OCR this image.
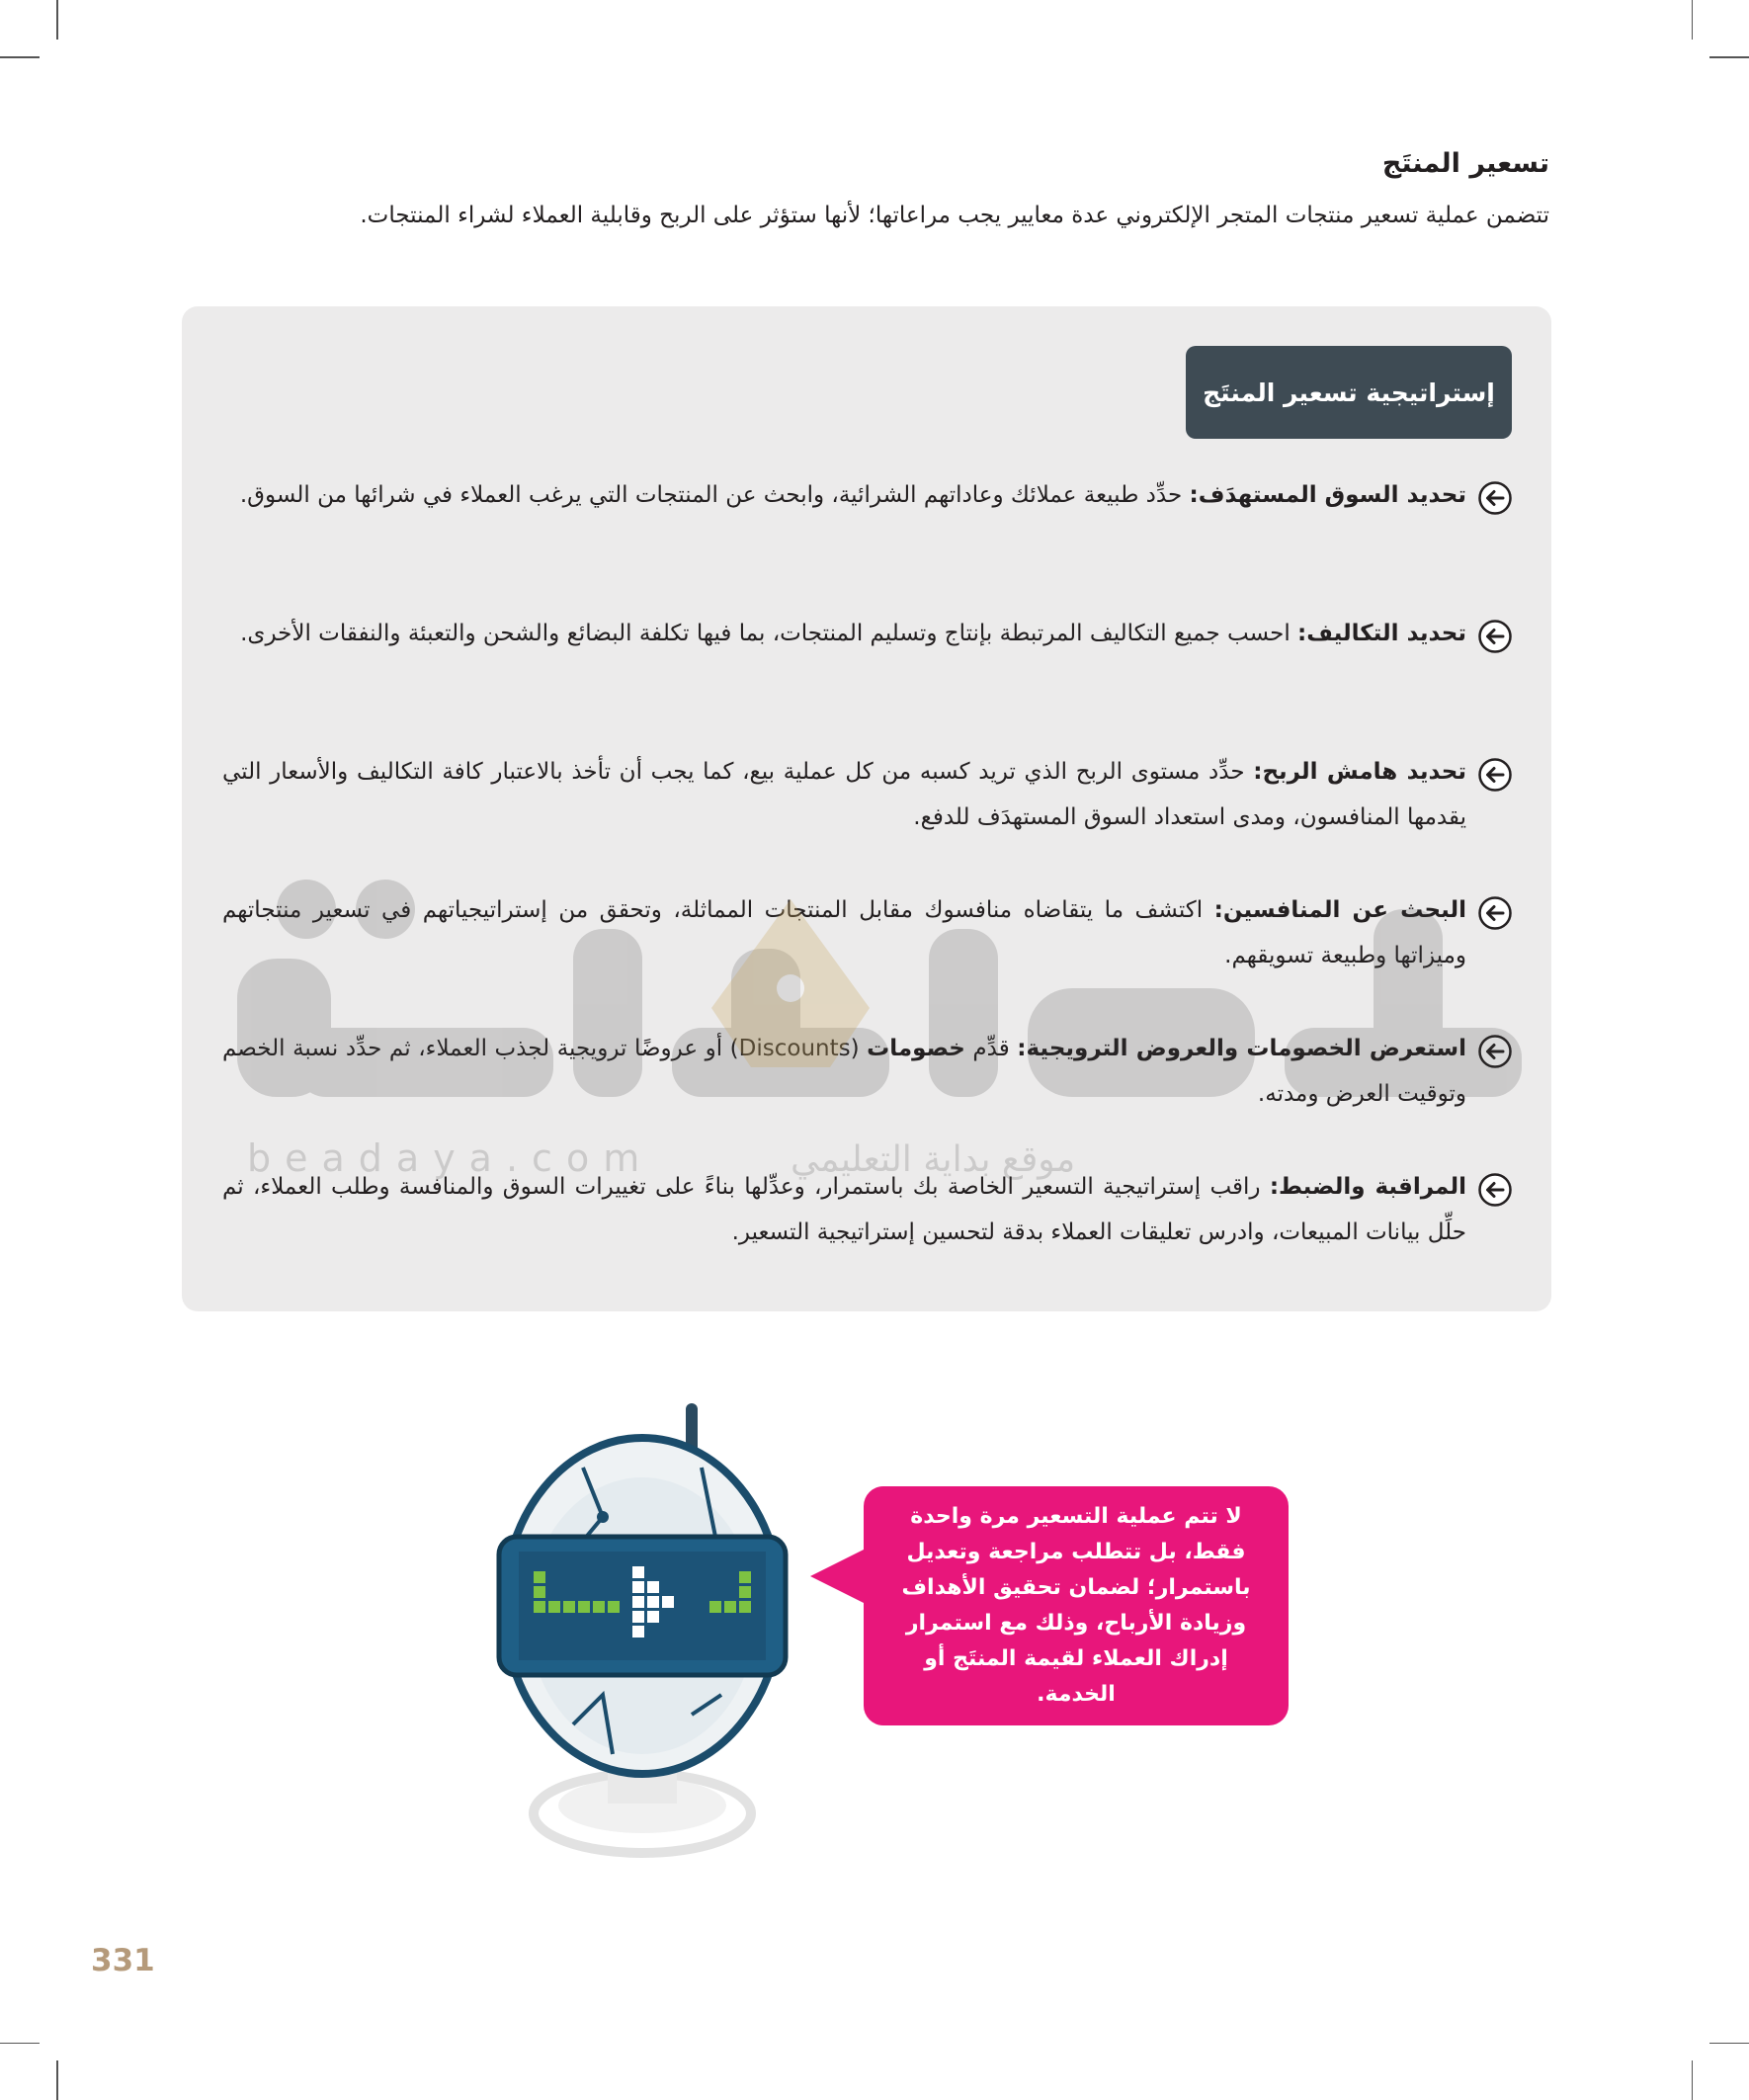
تسعير المنتَج

تتضمن عملية تسعير منتجات المتجر الإلكتروني عدة معايير يجب مراعاتها؛ لأنها ستؤثر على الربح وقابلية العملاء لشراء المنتجات.

إستراتيجية تسعير المنتَج
تحديد السوق المستهدَف: حدِّد طبيعة عملائك وعاداتهم الشرائية، وابحث عن المنتجات التي يرغب العملاء في شرائها من السوق.
تحديد التكاليف: احسب جميع التكاليف المرتبطة بإنتاج وتسليم المنتجات، بما فيها تكلفة البضائع والشحن والتعبئة والنفقات الأخرى.
تحديد هامش الربح: حدِّد مستوى الربح الذي تريد كسبه من كل عملية بيع، كما يجب أن تأخذ بالاعتبار كافة التكاليف والأسعار التي يقدمها المنافسون، ومدى استعداد السوق المستهدَف للدفع.
البحث عن المنافسين: اكتشف ما يتقاضاه منافسوك مقابل المنتجات المماثلة، وتحقق من إستراتيجياتهم في تسعير منتجاتهم وميزاتها وطبيعة تسويقهم.
استعرض الخصومات والعروض الترويجية: قدِّم خصومات (Discounts) أو عروضًا ترويجية لجذب العملاء، ثم حدِّد نسبة الخصم وتوقيت العرض ومدته.
المراقبة والضبط: راقب إستراتيجية التسعير الخاصة بك باستمرار، وعدِّلها بناءً على تغييرات السوق والمنافسة وطلب العملاء، ثم حلِّل بيانات المبيعات، وادرس تعليقات العملاء بدقة لتحسين إستراتيجية التسعير.
لا تتم عملية التسعير مرة واحدة
فقط، بل تتطلب مراجعة وتعديل
باستمرار؛ لضمان تحقيق الأهداف
وزيادة الأرباح، وذلك مع استمرار
إدراك العملاء لقيمة المنتَج أو الخدمة.
331
